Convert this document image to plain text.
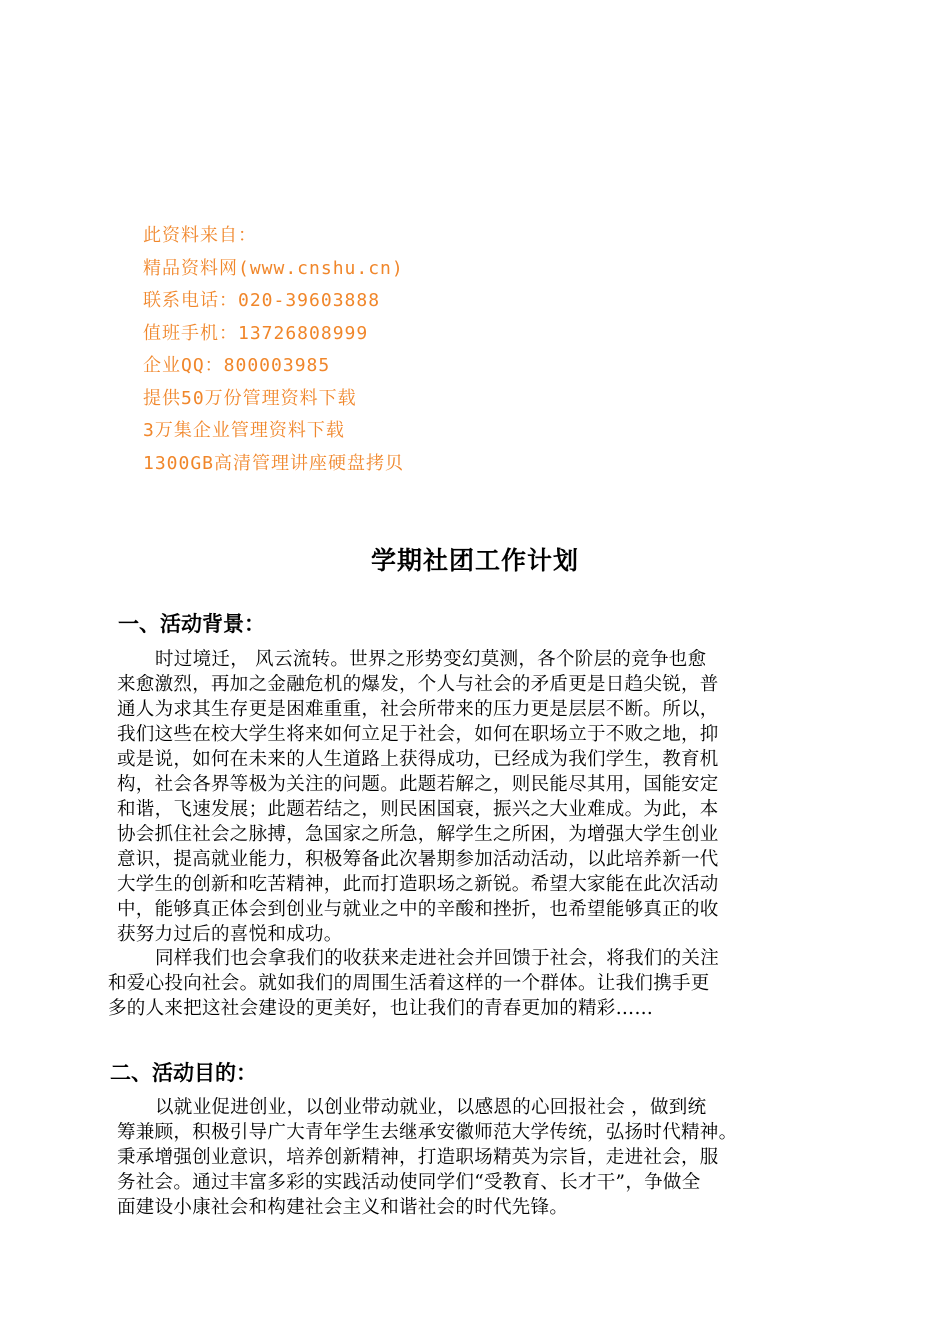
此资料来自：
精品资料网(www.cnshu.cn)
联系电话：020-39603888
值班手机：13726808999
企业QQ：800003985
提供50万份管理资料下载
3万集企业管理资料下载
1300GB高清管理讲座硬盘拷贝
学期社团工作计划
一、活动背景：
时过境迁， 风云流转。世界之形势变幻莫测，各个阶层的竞争也愈
来愈激烈，再加之金融危机的爆发，个人与社会的矛盾更是日趋尖锐，普
通人为求其生存更是困难重重，社会所带来的压力更是层层不断。所以，
我们这些在校大学生将来如何立足于社会，如何在职场立于不败之地，抑
或是说，如何在未来的人生道路上获得成功，已经成为我们学生，教育机
构，社会各界等极为关注的问题。此题若解之，则民能尽其用，国能安定
和谐，飞速发展；此题若结之，则民困国衰，振兴之大业难成。为此，本
协会抓住社会之脉搏，急国家之所急，解学生之所困，为增强大学生创业
意识，提高就业能力，积极筹备此次暑期参加活动活动，以此培养新一代
大学生的创新和吃苦精神，此而打造职场之新锐。希望大家能在此次活动
中，能够真正体会到创业与就业之中的辛酸和挫折，也希望能够真正的收
获努力过后的喜悦和成功。
同样我们也会拿我们的收获来走进社会并回馈于社会，将我们的关注
和爱心投向社会。就如我们的周围生活着这样的一个群体。让我们携手更
多的人来把这社会建设的更美好，也让我们的青春更加的精彩……
二、活动目的：
以就业促进创业，以创业带动就业，以感恩的心回报社会 ，做到统
筹兼顾，积极引导广大青年学生去继承安徽师范大学传统，弘扬时代精神。
秉承增强创业意识，培养创新精神，打造职场精英为宗旨，走进社会，服
务社会。通过丰富多彩的实践活动使同学们“受教育、长才干”，争做全
面建设小康社会和构建社会主义和谐社会的时代先锋。
